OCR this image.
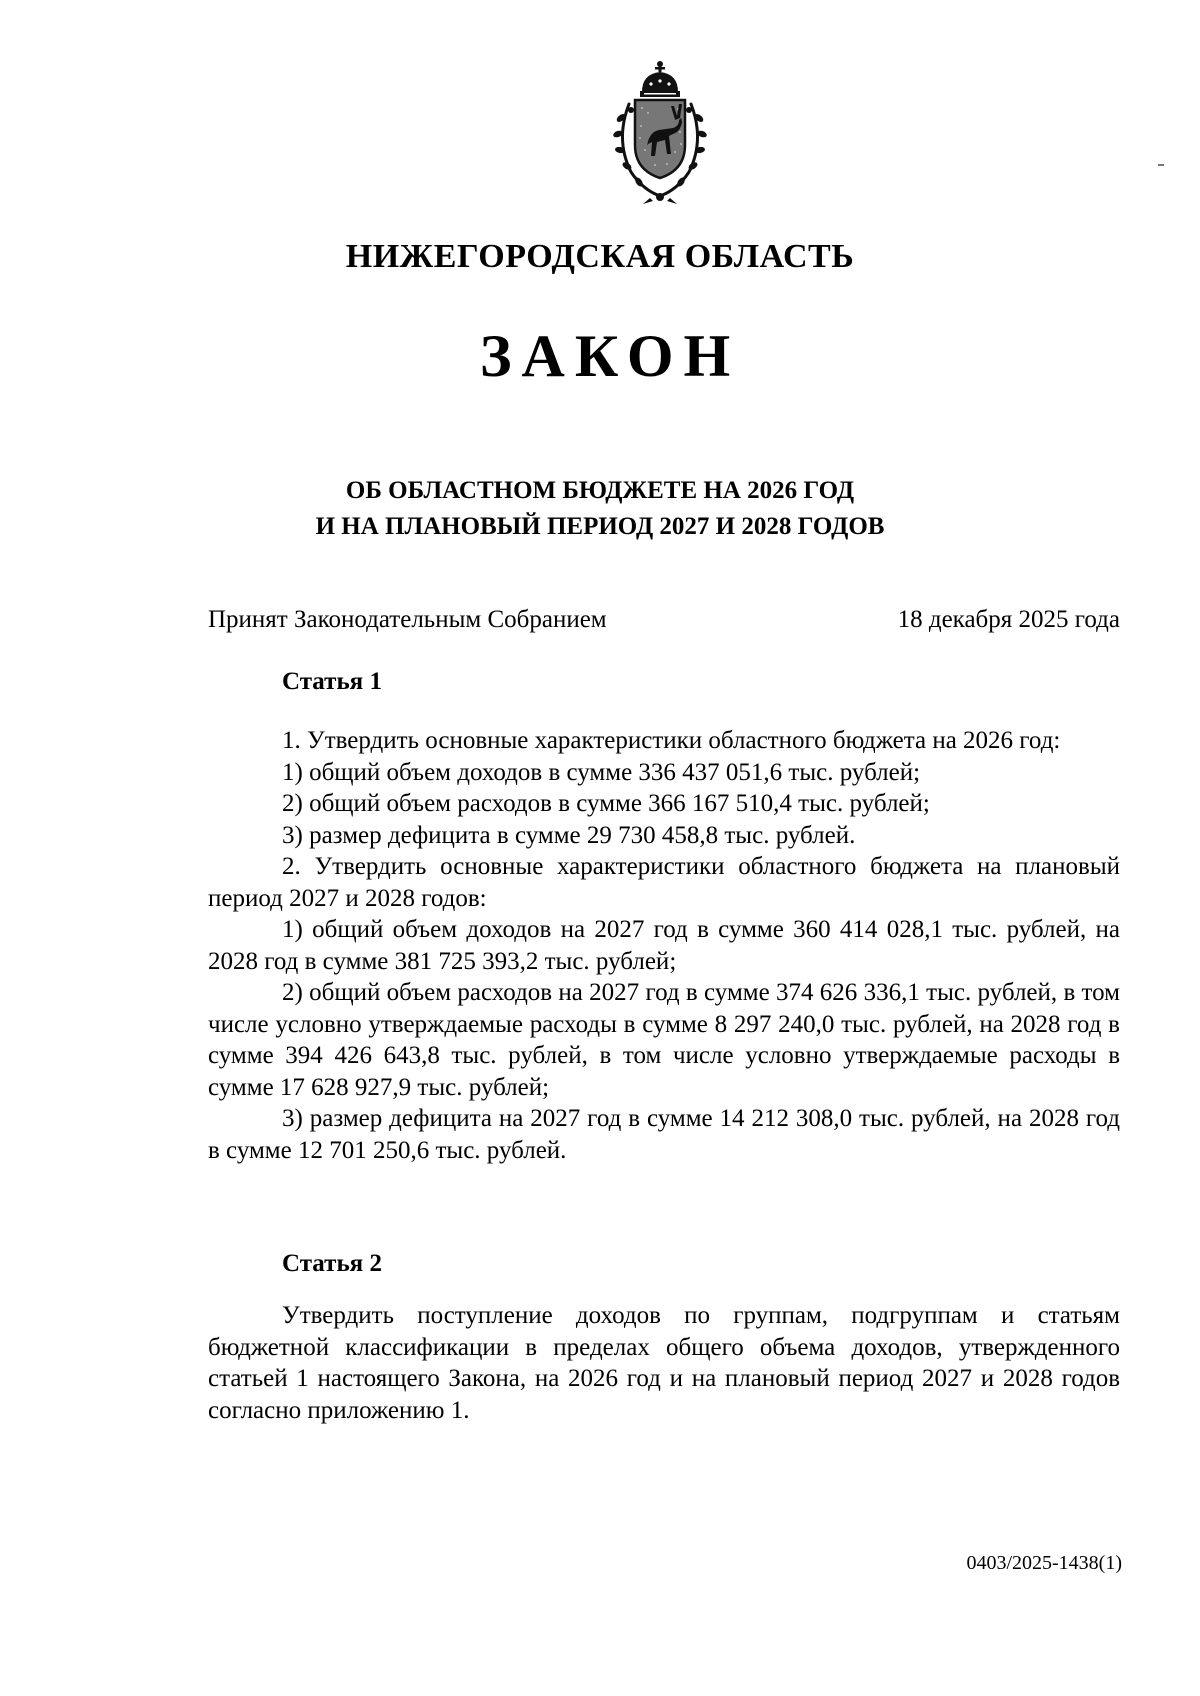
НИЖЕГОРОДСКАЯ ОБЛАСТЬ
ЗАКОН
ОБ ОБЛАСТНОМ БЮДЖЕТЕ НА 2026 ГОД
И НА ПЛАНОВЫЙ ПЕРИОД 2027 И 2028 ГОДОВ
Принят Законодательным Собранием	18 декабря 2025 года
Статья 1

1. Утвердить основные характеристики областного бюджета на 2026 год:

1) общий объем доходов в сумме 336 437 051,6 тыс. рублей;

2) общий объем расходов в сумме 366 167 510,4 тыс. рублей;

3) размер дефицита в сумме 29 730 458,8 тыс. рублей.

2. Утвердить основные характеристики областного бюджета на плановый период 2027 и 2028 годов:

1) общий объем доходов на 2027 год в сумме 360 414 028,1 тыс. рублей, на 2028 год в сумме 381 725 393,2 тыс. рублей;

2) общий объем расходов на 2027 год в сумме 374 626 336,1 тыс. рублей, в том числе условно утверждаемые расходы в сумме 8 297 240,0 тыс. рублей, на 2028 год в сумме 394 426 643,8 тыс. рублей, в том числе условно утверждаемые расходы в сумме 17 628 927,9 тыс. рублей;

3) размер дефицита на 2027 год в сумме 14 212 308,0 тыс. рублей, на 2028 год в сумме 12 701 250,6 тыс. рублей.

Статья 2

Утвердить поступление доходов по группам, подгруппам и статьям бюджетной классификации в пределах общего объема доходов, утвержденного статьей 1 настоящего Закона, на 2026 год и на плановый период 2027 и 2028 годов согласно приложению 1.

0403/2025-1438(1)
